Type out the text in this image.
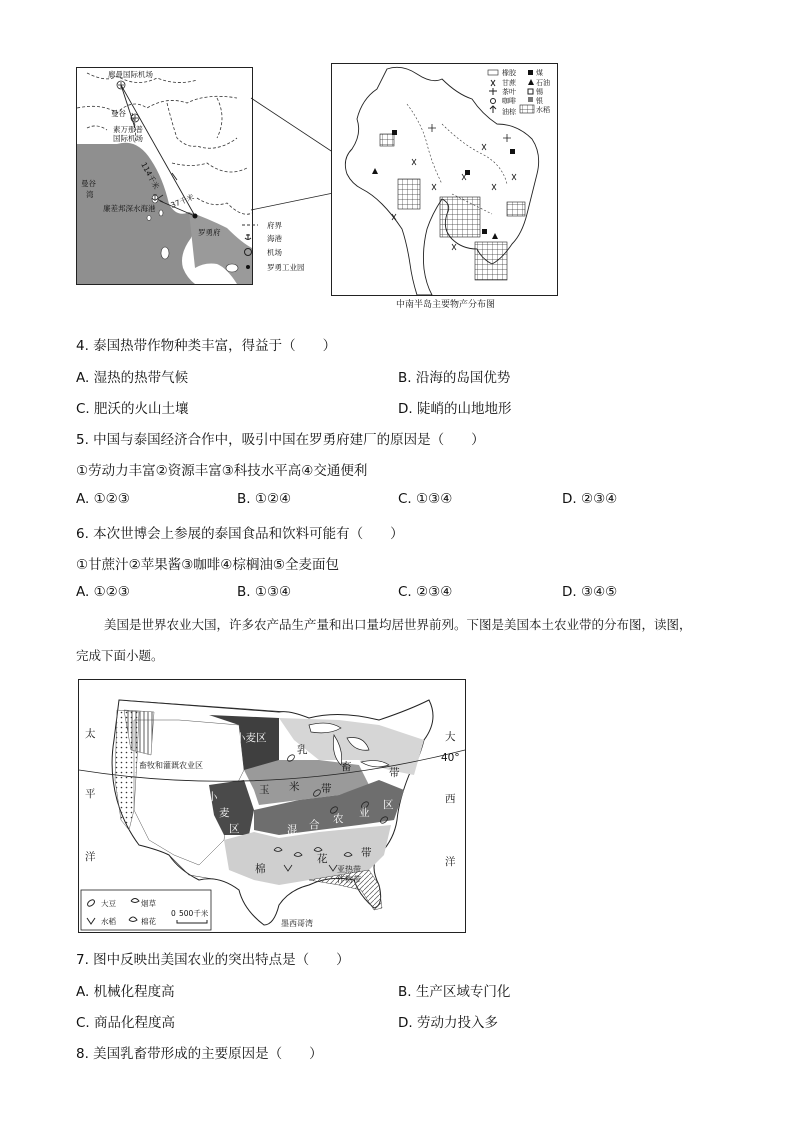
廊曼国际机场
曼谷
素万那普
国际机场
曼谷
湾
廉差邦深水海港
罗勇府
114千米
37千米
府界
海港
机场
罗勇工业园
橡胶	煤
甘蔗	石油
茶叶	锡
咖啡	银
油棕	水稻
中南半岛主要物产分布图
4. 泰国热带作物种类丰富，得益于（　　）
A. 湿热的热带气候	B. 沿海的岛国优势
C. 肥沃的火山土壤	D. 陡峭的山地地形
5. 中国与泰国经济合作中，吸引中国在罗勇府建厂的原因是（　　）
①劳动力丰富②资源丰富③科技水平高④交通便利
A. ①②③	B. ①②④	C. ①③④	D. ②③④
6. 本次世博会上参展的泰国食品和饮料可能有（　　）
①甘蔗汁②苹果酱③咖啡④棕榈油⑤全麦面包
A. ①②③	B. ①③④	C. ②③④	D. ③④⑤
美国是世界农业大国，许多农产品生产量和出口量均居世界前列。下图是美国本土农业带的分布图，读图，完成下面小题。
太
平
洋
大
西
洋
40°
小麦区
小
麦
区
乳
畜	带
玉 米 带
混 合 农 业
区
棉
花	带
畜牧和灌溉农业区
亚热带
作物带
墨西哥湾
大豆	烟草
水稻	棉花
0 500千米
7. 图中反映出美国农业的突出特点是（　　）
A. 机械化程度高	B. 生产区域专门化
C. 商品化程度高	D. 劳动力投入多
8. 美国乳畜带形成的主要原因是（　　）
